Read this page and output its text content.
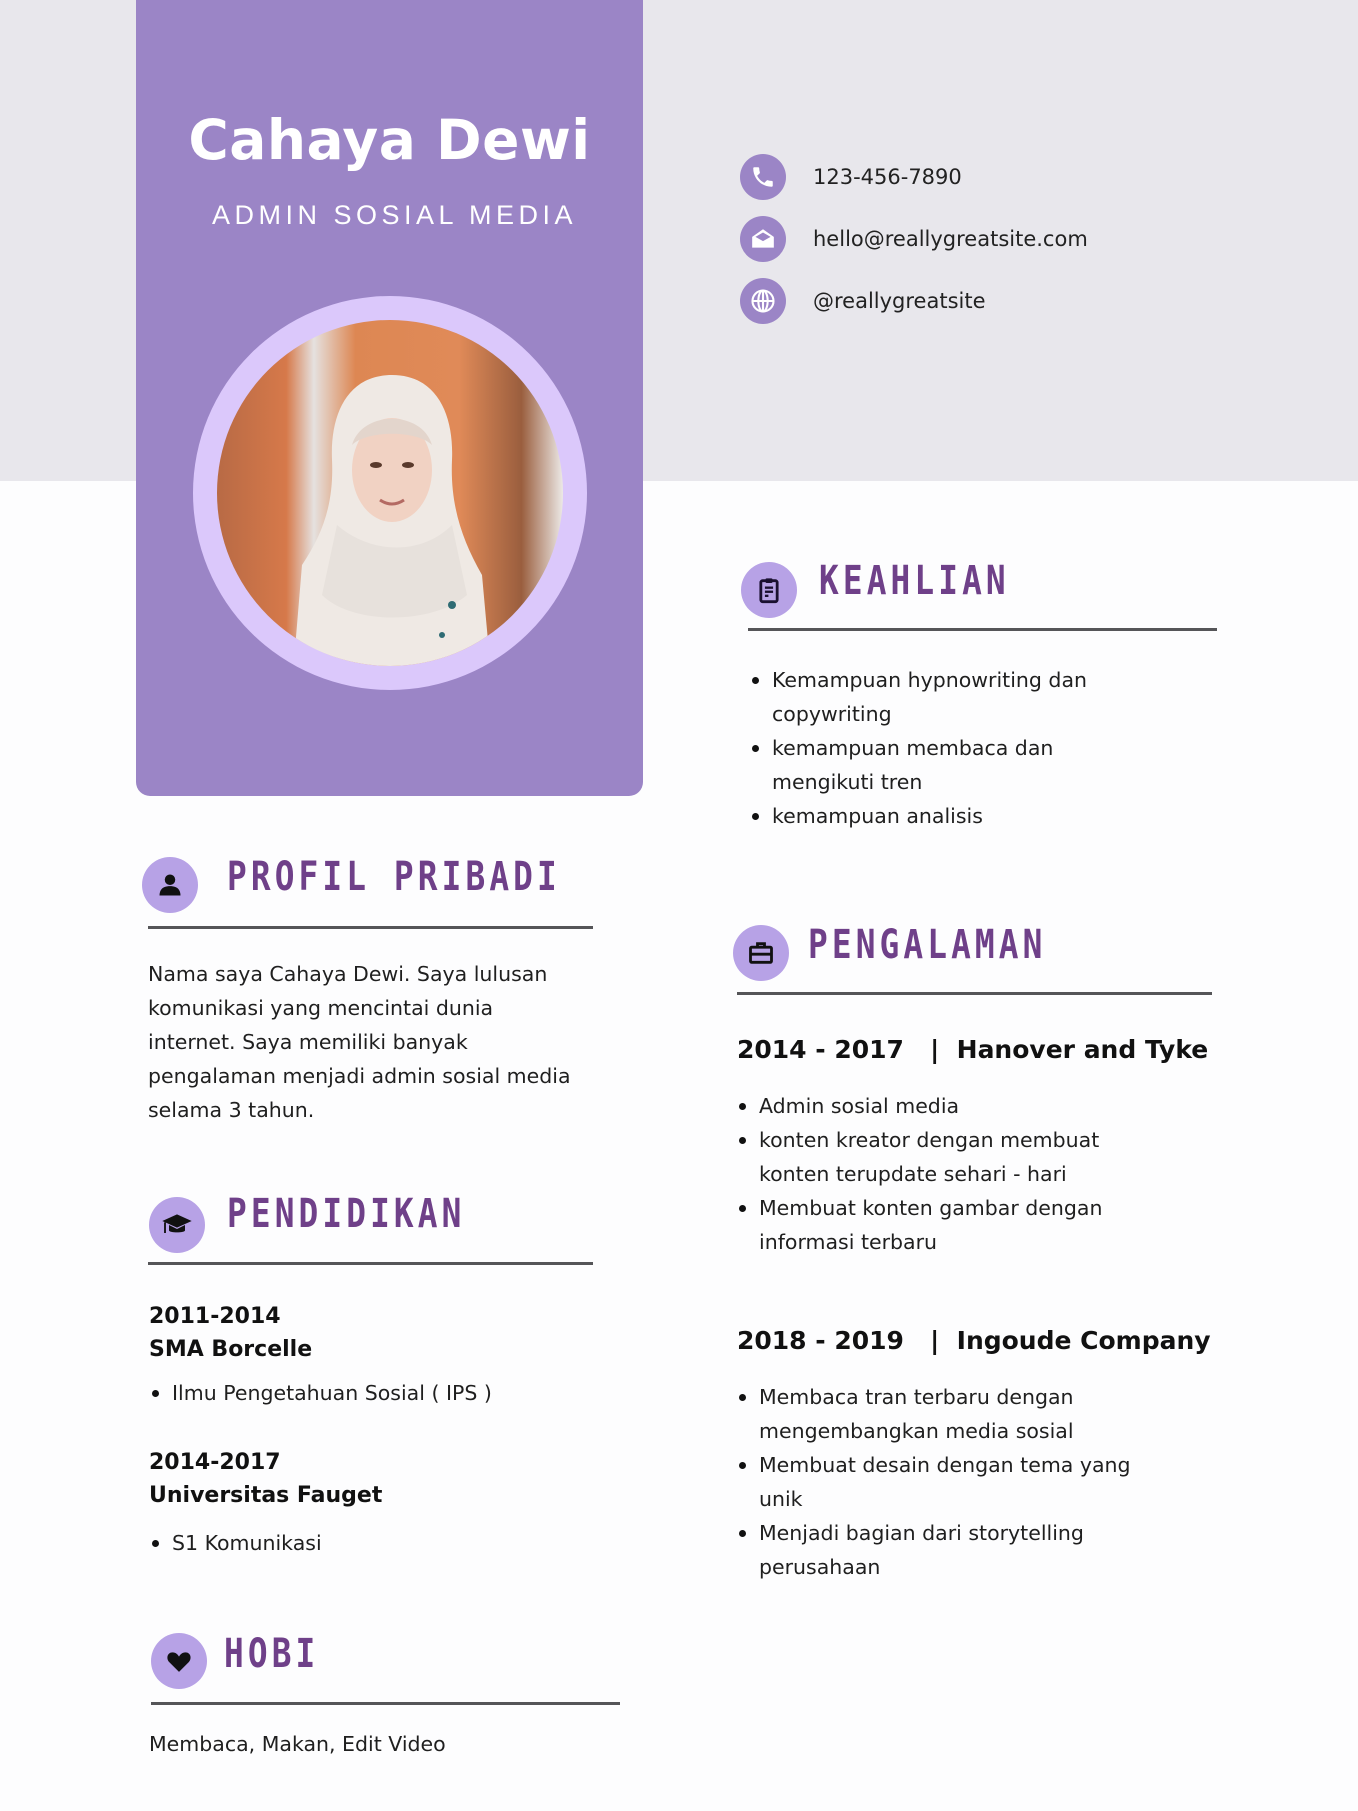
Cahaya Dewi
ADMIN SOSIAL MEDIA
123-456-7890
hello@reallygreatsite.com
@reallygreatsite
KEAHLIAN
Kemampuan hypnowriting dan copywriting
kemampuan membaca dan mengikuti tren
kemampuan analisis
PROFIL PRIBADI

Nama saya Cahaya Dewi. Saya lulusan komunikasi yang mencintai dunia internet. Saya memiliki banyak pengalaman menjadi admin sosial media selama 3 tahun.

PENGALAMAN
2014 - 2017 | Hanover and Tyke
Admin sosial media
konten kreator dengan membuat konten terupdate sehari - hari
Membuat konten gambar dengan informasi terbaru
2018 - 2019 | Ingoude Company
Membaca tran terbaru dengan mengembangkan media sosial
Membuat desain dengan tema yang unik
Menjadi bagian dari storytelling perusahaan
PENDIDIKAN
2011-2014
SMA Borcelle
Ilmu Pengetahuan Sosial ( IPS )
2014-2017
Universitas Fauget
S1 Komunikasi
HOBI

Membaca, Makan, Edit Video
